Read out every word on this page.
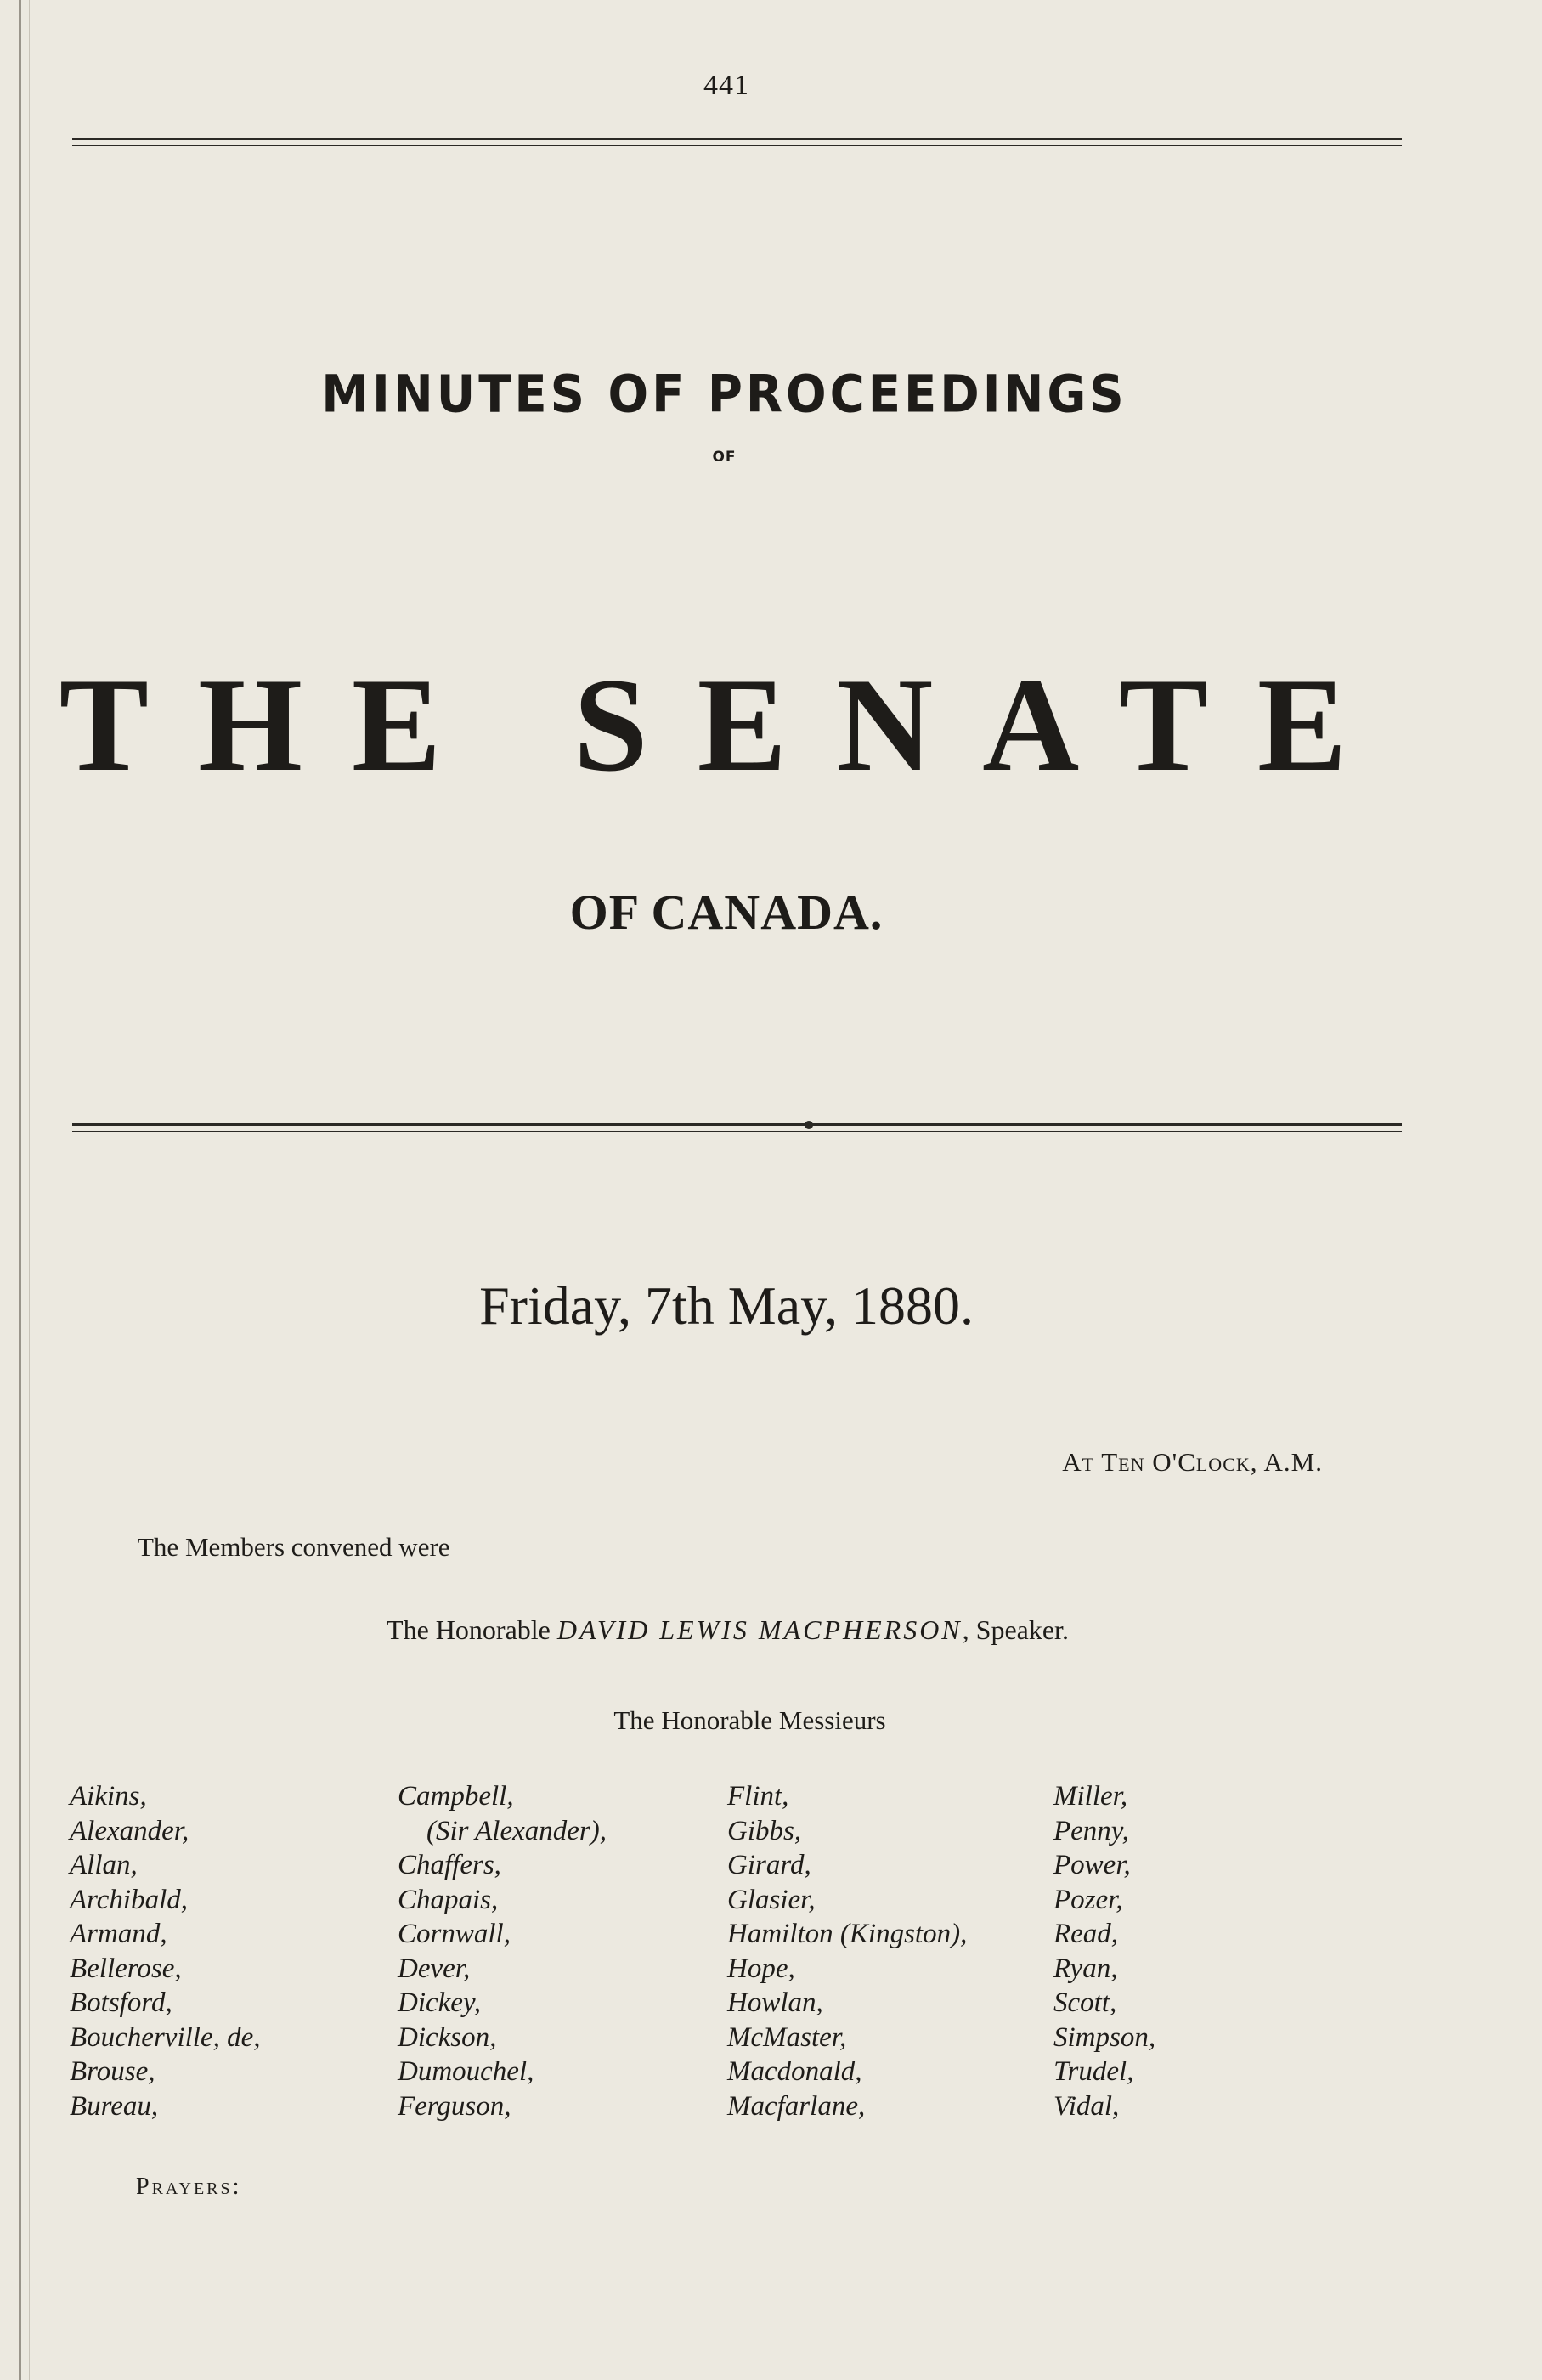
441
MINUTES OF PROCEEDINGS
OF
THE SENATE
OF CANADA.
Friday, 7th May, 1880.
At Ten O'Clock, A.M.
The Members convened were
The Honorable DAVID LEWIS MACPHERSON, Speaker.
The Honorable Messieurs
Aikins,
Alexander,
Allan,
Archibald,
Armand,
Bellerose,
Botsford,
Boucherville, de,
Brouse,
Bureau,
Campbell,
(Sir Alexander),
Chaffers,
Chapais,
Cornwall,
Dever,
Dickey,
Dickson,
Dumouchel,
Ferguson,
Flint,
Gibbs,
Girard,
Glasier,
Hamilton (Kingston),
Hope,
Howlan,
McMaster,
Macdonald,
Macfarlane,
Miller,
Penny,
Power,
Pozer,
Read,
Ryan,
Scott,
Simpson,
Trudel,
Vidal,
Prayers:
